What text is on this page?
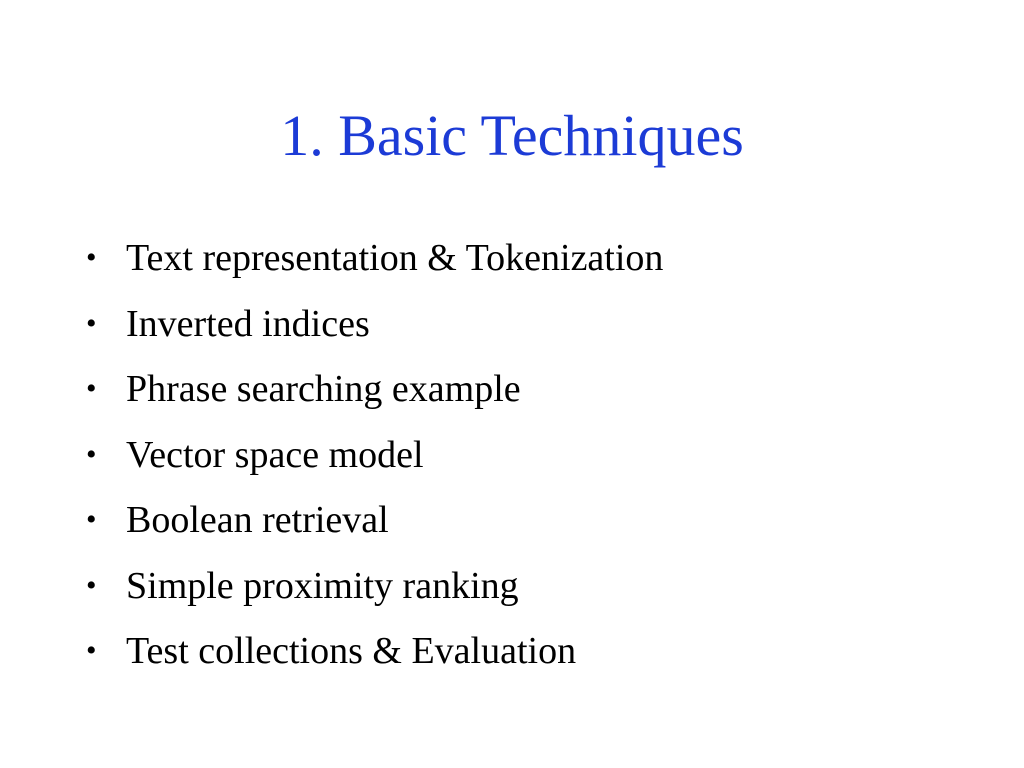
1. Basic Techniques
• Text representation & Tokenization
• Inverted indices
• Phrase searching example
• Vector space model
• Boolean retrieval
• Simple proximity ranking
• Test collections & Evaluation
